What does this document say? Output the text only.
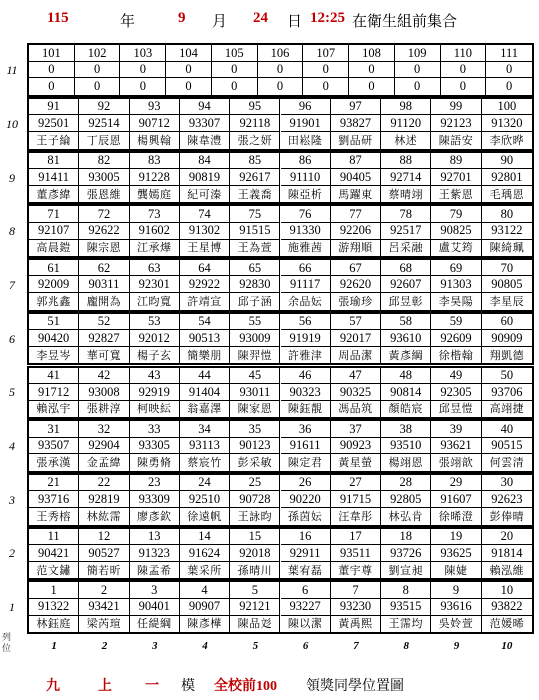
115	年	9 月 24 日 12:25 在衛生組前集合
101	102	103	104	105	106	107	108	109	110	111
0	0	0	0	0	0	0	0	0	0	0
0	0	0	0	0	0	0	0	0	0	0
91	92	93	94	95	96	97	98	99	100
92501	92514	90712	93307	92118	91901	93827	91120	92123	91320
王子綸	丁辰恩	楊興翰	陳韋澧	張之妍	田崧隆	劉品研	林述	陳語安	李欣晔
81	82	83	84	85	86	87	88	89	90
91411	93005	91228	90819	92617	91110	90405	92714	92701	92801
董彥緯	張恩維	龔嫣庭	紀可溱	王義喬	陳亞析	馬躍東	蔡晴翊	王紫恩	毛瑀恩
71	72	73	74	75	76	77	78	79	80
92107	92622	91602	91302	91515	91330	92206	92517	90825	93122
高晨鎧	陳宗恩	江承燁	王星博	王為萱	施雅茜	游翔順	呂采融	盧艾筠	陳綺珮
61	62	63	64	65	66	67	68	69	70
92009	90311	92301	92922	92830	91117	92620	92607	91303	90805
郭兆鑫	龐開為	江昀寬	許靖宣	邱子涵	余品妘	張瑜珍	邱昱彰	李昊陽	李星辰
51	52	53	54	55	56	57	58	59	60
90420	92827	92012	90513	93009	91919	92017	93610	92609	90909
李昱岑	華可寬	楊子玄	簡樂朋	陳羿愷	許雅津	周品潔	黃彥綱	徐楷翰	翔凱德
41	42	43	44	45	46	47	48	49	50
91712	93008	92919	91404	93011	90323	90325	90814	92305	93706
賴泓宇	張耕淳	柯映紜	翁嘉澤	陳家恩	陳鈺靚	馮品筑	顏皓宸	邱昱愷	高翊捷
31	32	33	34	35	36	37	38	39	40
93507	92904	93305	93113	90123	91611	90923	93510	93621	90515
張承漢	金孟緯	陳勇脩	蔡宸竹	彭采敏	陳定君	黃星螢	楊翊恩	張翊歆	何雲清
21	22	23	24	25	26	27	28	29	30
93716	92819	93309	92510	90728	90220	91715	92805	91607	92623
王秀榕	林紘霈	廖彥欽	徐遠帆	王詠昀	孫茵妘	汪韋彤	林弘肯	徐晞澄	彭俸晴
11	12	13	14	15	16	17	18	19	20
90421	90527	91323	91624	92018	92911	93511	93726	93625	91814
范文鏽	簡若昕	陳孟希	葉采所	孫晴川	葉宥磊	董宇尊	劉宣昶	陳婕	賴泓維
1	2	3	4	5	6	7	8	9	10
91322	93421	90401	90907	92121	93227	93230	93515	93616	93822
林鈺庭	梁芮瑄	任緹綱	陳彥樺	陳品彣	陳以潔	黃禹熙	王霈均	吳姈萱	范媛晞
11
10
9
8
7
6
5
4
3
2
1
1	2	3	4	5	6	7	8	9	10
列
位
九	上 一 模 全校前100 領獎同學位置圖
